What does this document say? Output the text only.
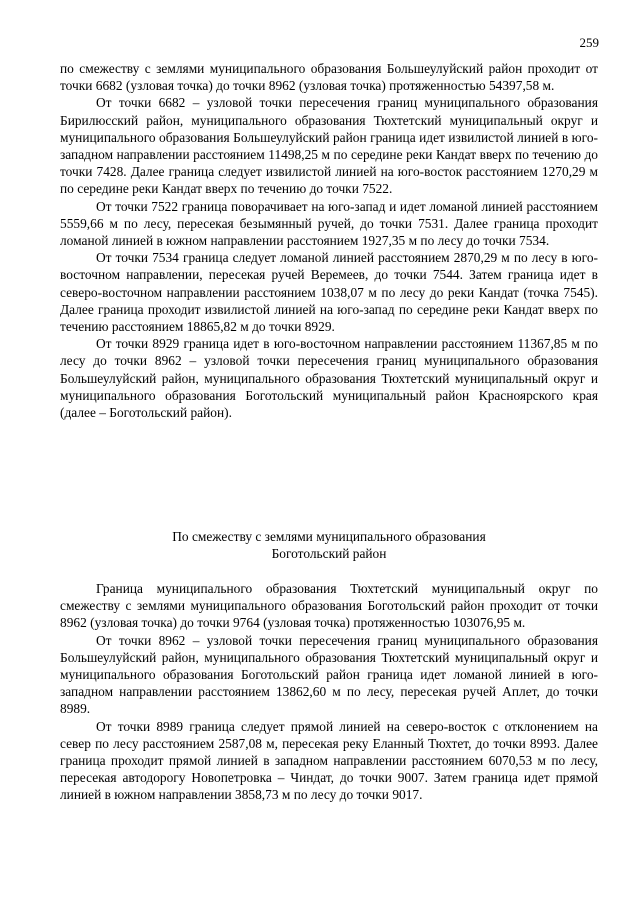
259

по смежеству с землями муниципального образования Большеулуйский район проходит от точки 6682 (узловая точка) до точки 8962 (узловая точка) протяженностью 54397,58 м.

От точки 6682 – узловой точки пересечения границ муниципального образования Бирилюсский район, муниципального образования Тюхтетский муниципальный округ и муниципального образования Большеулуйский район граница идет извилистой линией в юго-западном направлении расстоянием 11498,25 м по середине реки Кандат вверх по течению до точки 7428. Далее граница следует извилистой линией на юго-восток расстоянием 1270,29 м по середине реки Кандат вверх по течению до точки 7522.

От точки 7522 граница поворачивает на юго-запад и идет ломаной линией расстоянием 5559,66 м по лесу, пересекая безымянный ручей, до точки 7531. Далее граница проходит ломаной линией в южном направлении расстоянием 1927,35 м по лесу до точки 7534.

От точки 7534 граница следует ломаной линией расстоянием 2870,29 м по лесу в юго-восточном направлении, пересекая ручей Веремеев, до точки 7544. Затем граница идет в северо-восточном направлении расстоянием 1038,07 м по лесу до реки Кандат (точка 7545). Далее граница проходит извилистой линией на юго-запад по середине реки Кандат вверх по течению расстоянием 18865,82 м до точки 8929.

От точки 8929 граница идет в юго-восточном направлении расстоянием 11367,85 м по лесу до точки 8962 – узловой точки пересечения границ муниципального образования Большеулуйский район, муниципального образования Тюхтетский муниципальный округ и муниципального образования Боготольский муниципальный район Красноярского края (далее – Боготольский район).

По смежеству с землями муниципального образования
Боготольский район

Граница муниципального образования Тюхтетский муниципальный округ по смежеству с землями муниципального образования Боготольский район проходит от точки 8962 (узловая точка) до точки 9764 (узловая точка) протяженностью 103076,95 м.

От точки 8962 – узловой точки пересечения границ муниципального образования Большеулуйский район, муниципального образования Тюхтетский муниципальный округ и муниципального образования Боготольский район граница идет ломаной линией в юго-западном направлении расстоянием 13862,60 м по лесу, пересекая ручей Аплет, до точки 8989.

От точки 8989 граница следует прямой линией на северо-восток с отклонением на север по лесу расстоянием 2587,08 м, пересекая реку Еланный Тюхтет, до точки 8993. Далее граница проходит прямой линией в западном направлении расстоянием 6070,53 м по лесу, пересекая автодорогу Новопетровка – Чиндат, до точки 9007. Затем граница идет прямой линией в южном направлении 3858,73 м по лесу до точки 9017.
